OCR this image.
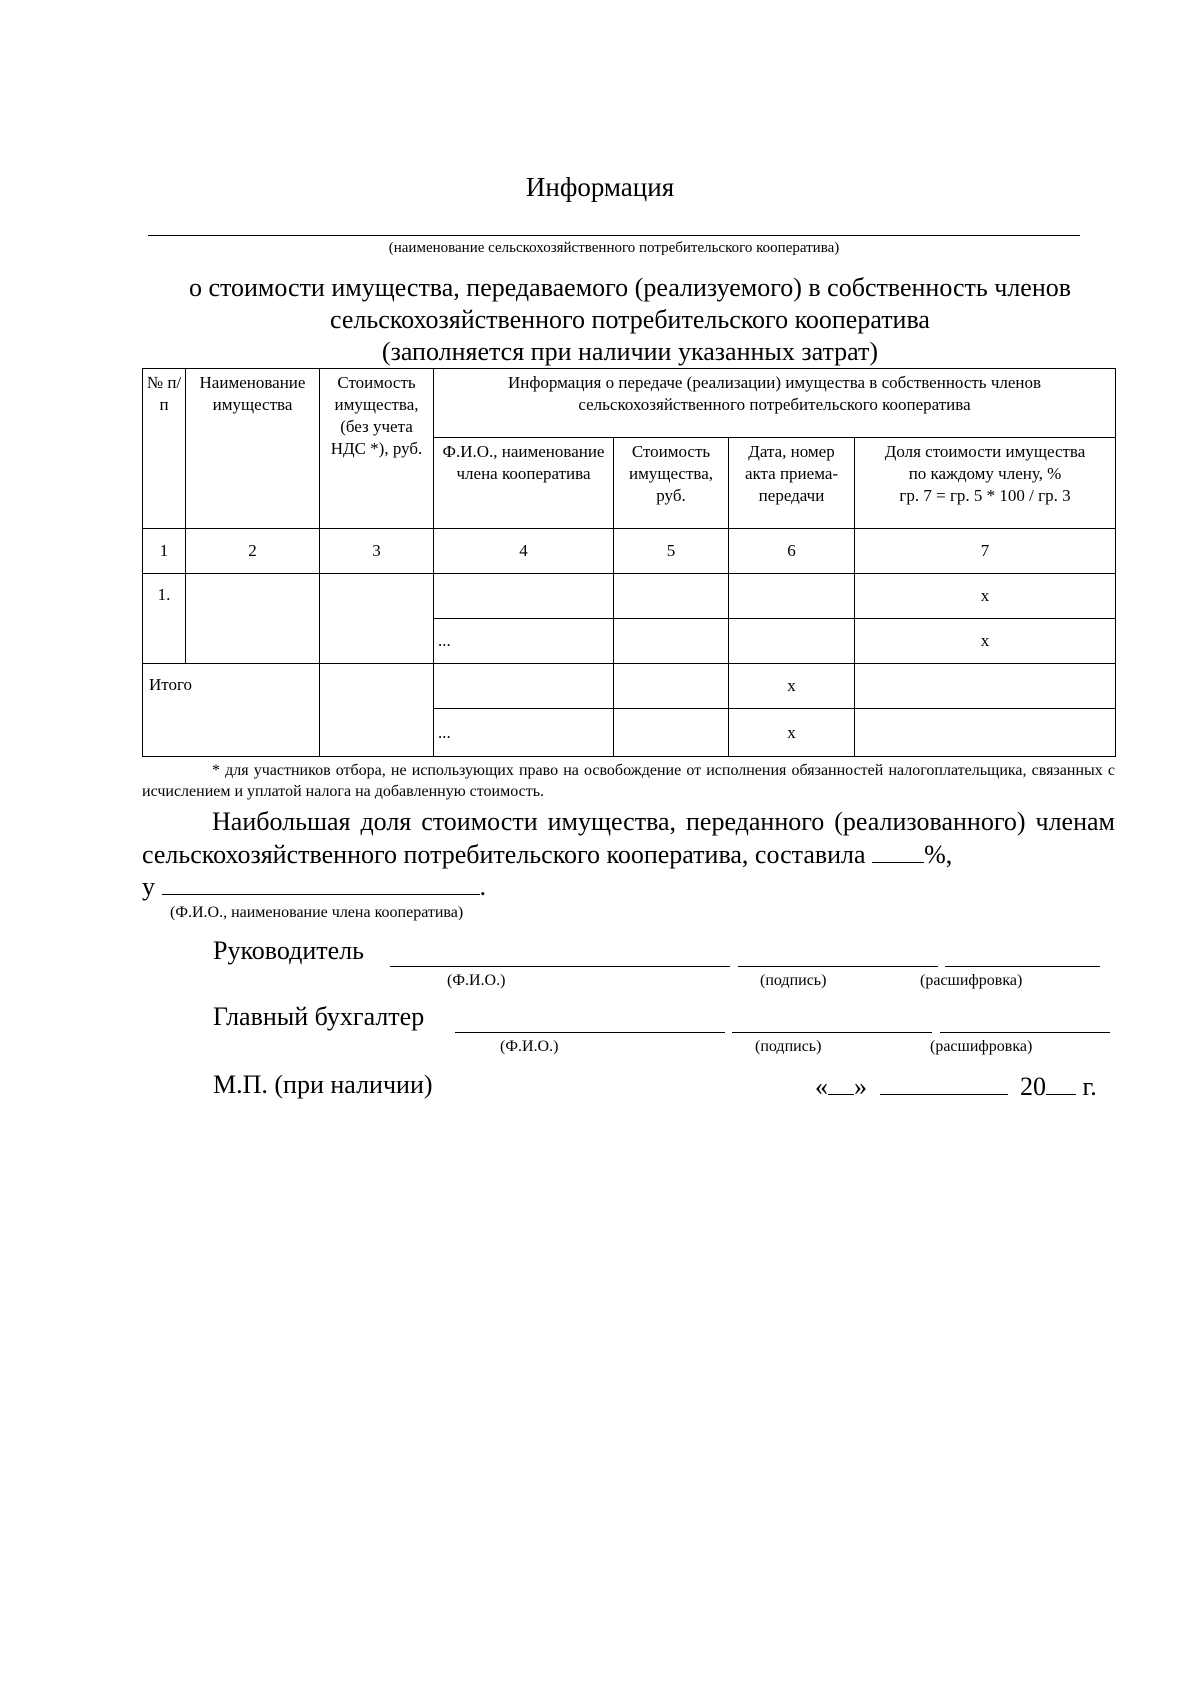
Информация
(наименование сельскохозяйственного потребительского кооператива)
о стоимости имущества, передаваемого (реализуемого) в собственность членов
сельскохозяйственного потребительского кооператива
(заполняется при наличии указанных затрат)
№ п/п	Наименование имущества	Стоимость имущества, (без учета НДС *), руб.	Информация о передаче (реализации) имущества в собственность членов сельскохозяйственного потребительского кооператива			
			Ф.И.О., наименование члена кооператива	Стоимость имущества, руб.	Дата, номер акта приема-передачи	Доля стоимости имущества
по каждому члену, %
гр. 7 = гр. 5 * 100 / гр. 3

1	2	3	4	5	6	7
1.						х
			...			х
Итого					х	
			...		х	
* для участников отбора, не использующих право на освобождение от исполнения обязанностей налогоплательщика, связанных с исчислением и уплатой налога на добавленную стоимость.
Наибольшая доля стоимости имущества, переданного (реализованного) членам сельскохозяйственного потребительского кооператива, составила %,
у	.
(Ф.И.О., наименование члена кооператива)
Руководитель
(Ф.И.О.)	(подпись)	(расшифровка)
Главный бухгалтер
(Ф.И.О.)	(подпись)	(расшифровка)
М.П. (при наличии)	« »	20 г.
